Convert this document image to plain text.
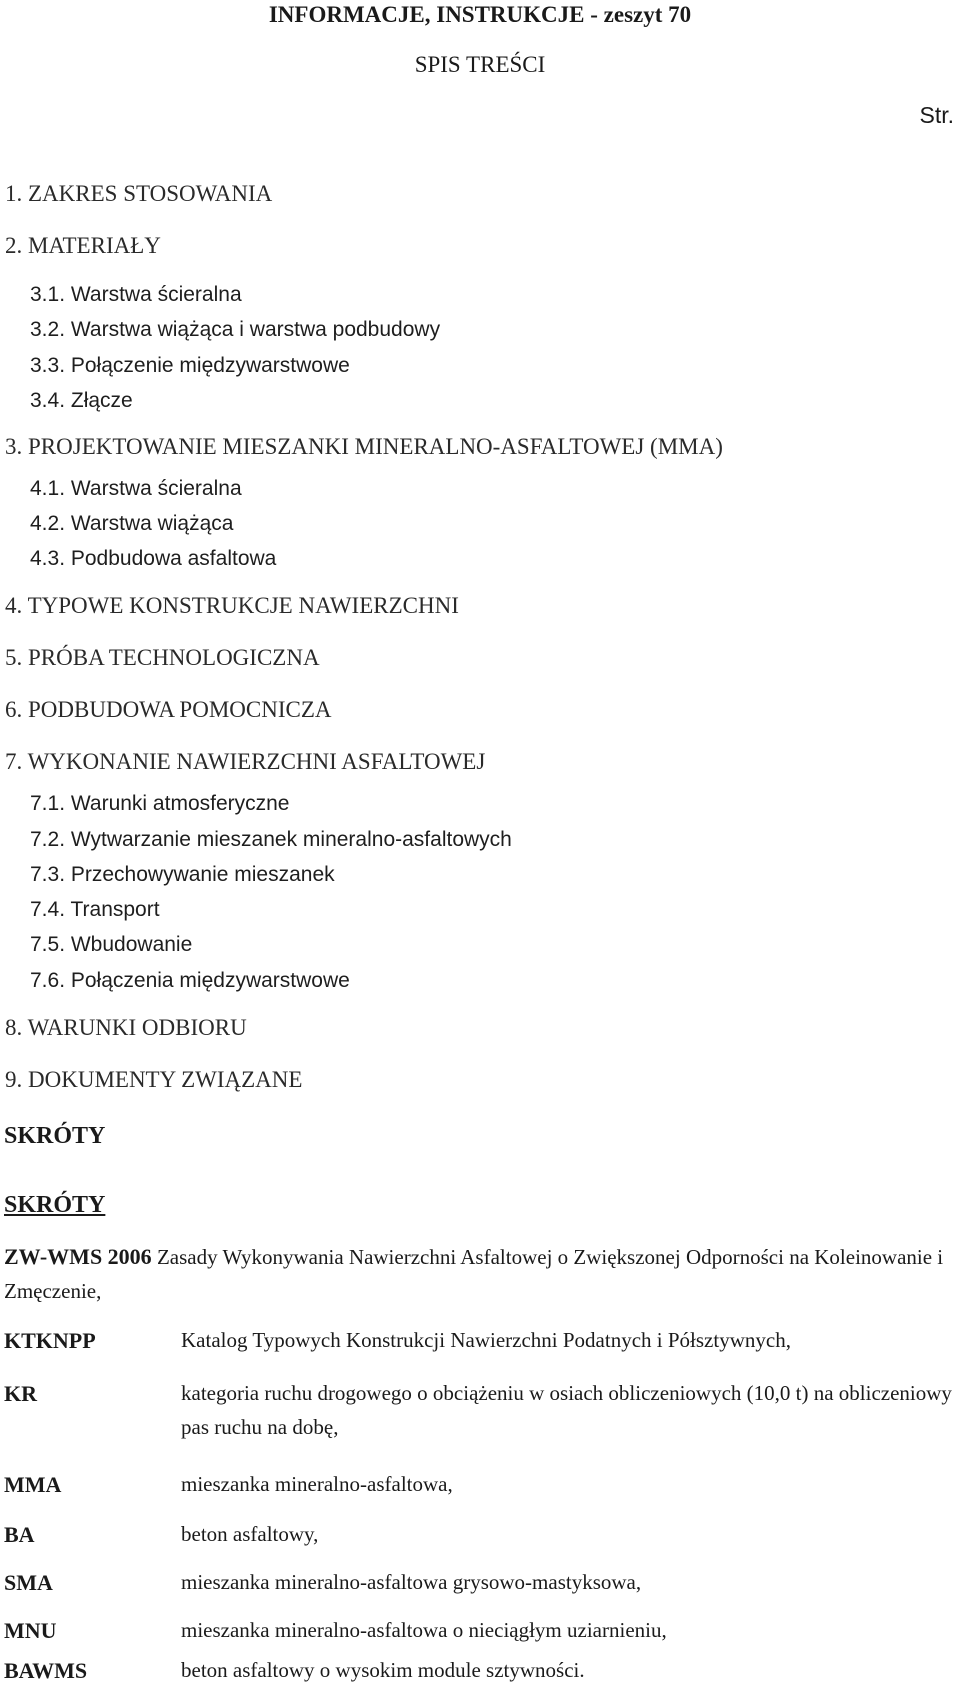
INFORMACJE, INSTRUKCJE - zeszyt 70
SPIS TREŚCI
Str.
1. ZAKRES STOSOWANIA
2. MATERIAŁY
3.1. Warstwa ścieralna
3.2. Warstwa wiążąca i warstwa podbudowy
3.3. Połączenie międzywarstwowe
3.4. Złącze
3. PROJEKTOWANIE MIESZANKI MINERALNO-ASFALTOWEJ (MMA)
4.1. Warstwa ścieralna
4.2. Warstwa wiążąca
4.3. Podbudowa asfaltowa
4. TYPOWE KONSTRUKCJE NAWIERZCHNI
5. PRÓBA TECHNOLOGICZNA
6. PODBUDOWA POMOCNICZA
7. WYKONANIE NAWIERZCHNI ASFALTOWEJ
7.1. Warunki atmosferyczne
7.2. Wytwarzanie mieszanek mineralno-asfaltowych
7.3. Przechowywanie mieszanek
7.4. Transport
7.5. Wbudowanie
7.6. Połączenia międzywarstwowe
8. WARUNKI ODBIORU
9. DOKUMENTY ZWIĄZANE
SKRÓTY
SKRÓTY
ZW-WMS 2006 Zasady Wykonywania Nawierzchni Asfaltowej o Zwiększonej Odporności na Koleinowanie i Zmęczenie,
KTKNPP	Katalog Typowych Konstrukcji Nawierzchni Podatnych i Półsztywnych,
KR	kategoria ruchu drogowego o obciążeniu w osiach obliczeniowych (10,0 t) na obliczeniowy pas ruchu na dobę,
MMA	mieszanka mineralno-asfaltowa,
BA	beton asfaltowy,
SMA	mieszanka mineralno-asfaltowa grysowo-mastyksowa,
MNU	mieszanka mineralno-asfaltowa o nieciągłym uziarnieniu,
BAWMS	beton asfaltowy o wysokim module sztywności.
